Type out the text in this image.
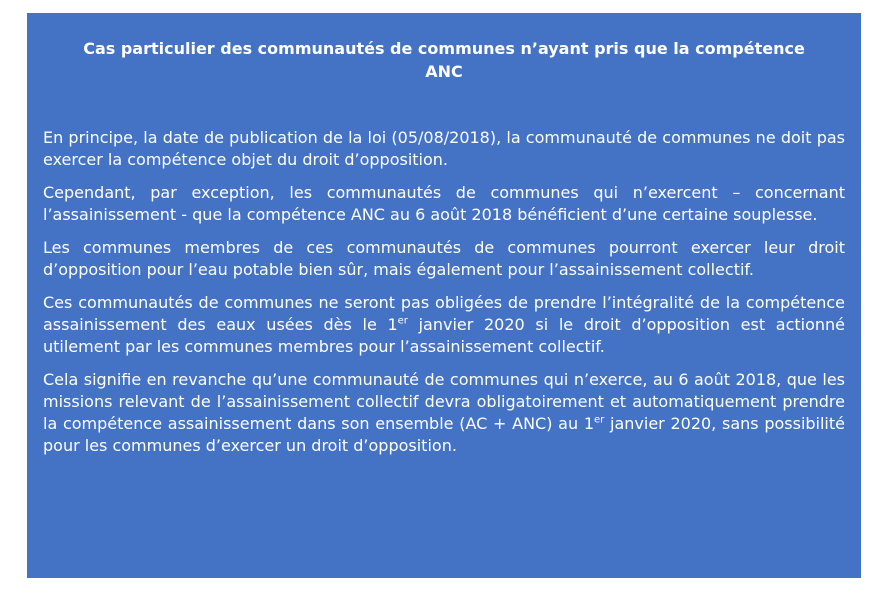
Cas particulier des communautés de communes n’ayant pris que la compétence ANC

En principe, la date de publication de la loi (05/08/2018), la communauté de communes ne doit pas exercer la compétence objet du droit d’opposition.

Cependant, par exception, les communautés de communes qui n’exercent – concernant l’assainissement - que la compétence ANC au 6 août 2018 bénéficient d’une certaine souplesse.

Les communes membres de ces communautés de communes pourront exercer leur droit d’opposition pour l’eau potable bien sûr, mais également pour l’assainissement collectif.

Ces communautés de communes ne seront pas obligées de prendre l’intégralité de la compétence assainissement des eaux usées dès le 1er janvier 2020 si le droit d’opposition est actionné utilement par les communes membres pour l’assainissement collectif.

Cela signifie en revanche qu’une communauté de communes qui n’exerce, au 6 août 2018, que les missions relevant de l’assainissement collectif devra obligatoirement et automatiquement prendre la compétence assainissement dans son ensemble (AC + ANC) au 1er janvier 2020, sans possibilité pour les communes d’exercer un droit d’opposition.
